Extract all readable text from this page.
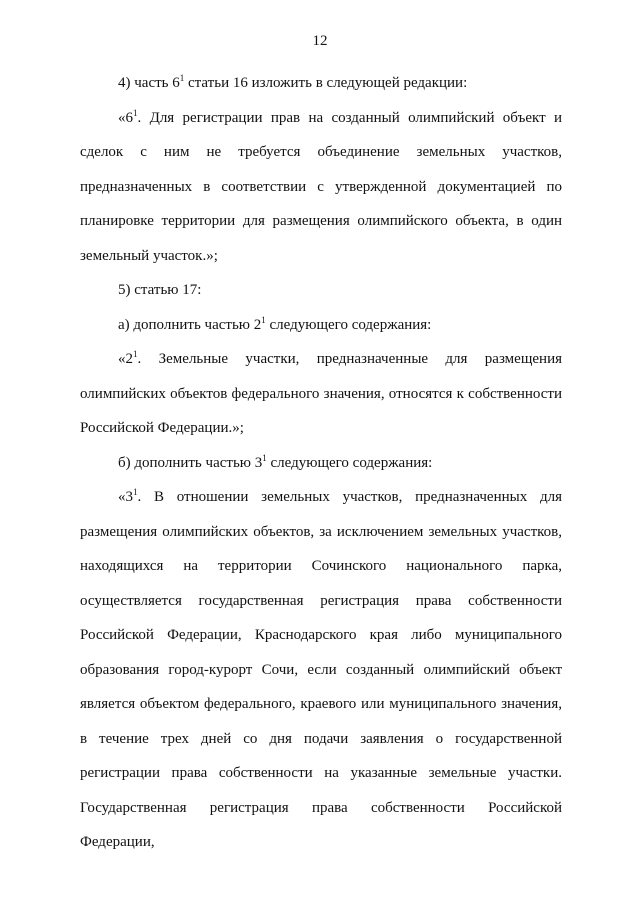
12

4) часть $6^1$ статьи 16 изложить в следующей редакции:

«$6^1$. Для регистрации прав на созданный олимпийский объект и сделок с ним не требуется объединение земельных участков, предназначенных в соответствии с утвержденной документацией по планировке территории для размещения олимпийского объекта, в один земельный участок.»;

5) статью 17:

а) дополнить частью $2^1$ следующего содержания:

«$2^1$. Земельные участки, предназначенные для размещения олимпийских объектов федерального значения, относятся к собственности Российской Федерации.»;

б) дополнить частью $3^1$ следующего содержания:

«$3^1$. В отношении земельных участков, предназначенных для размещения олимпийских объектов, за исключением земельных участков, находящихся на территории Сочинского национального парка, осуществляется государственная регистрация права собственности Российской Федерации, Краснодарского края либо муниципального образования город-курорт Сочи, если созданный олимпийский объект является объектом федерального, краевого или муниципального значения, в течение трех дней со дня подачи заявления о государственной регистрации права собственности на указанные земельные участки. Государственная регистрация права собственности Российской Федерации,
